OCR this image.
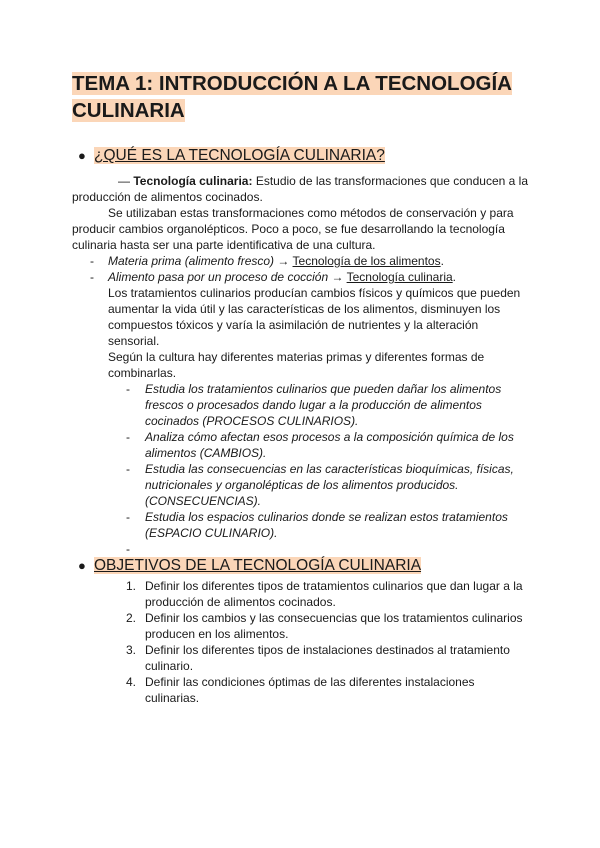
TEMA 1: INTRODUCCIÓN A LA TECNOLOGÍA
CULINARIA
● ¿QUÉ ES LA TECNOLOGÍA CULINARIA?
— Tecnología culinaria: Estudio de las transformaciones que conducen a la
producción de alimentos cocinados.
Se utilizaban estas transformaciones como métodos de conservación y para
producir cambios organolépticos. Poco a poco, se fue desarrollando la tecnología
culinaria hasta ser una parte identificativa de una cultura.
- Materia prima (alimento fresco) → Tecnología de los alimentos.
- Alimento pasa por un proceso de cocción → Tecnología culinaria.
Los tratamientos culinarios producían cambios físicos y químicos que pueden
aumentar la vida útil y las características de los alimentos, disminuyen los
compuestos tóxicos y varía la asimilación de nutrientes y la alteración
sensorial.
Según la cultura hay diferentes materias primas y diferentes formas de
combinarlas.
- Estudia los tratamientos culinarios que pueden dañar los alimentos
frescos o procesados dando lugar a la producción de alimentos
cocinados (PROCESOS CULINARIOS).
- Analiza cómo afectan esos procesos a la composición química de los
alimentos (CAMBIOS).
- Estudia las consecuencias en las características bioquímicas, físicas,
nutricionales y organolépticas de los alimentos producidos.
(CONSECUENCIAS).
- Estudia los espacios culinarios donde se realizan estos tratamientos
(ESPACIO CULINARIO).
-
● OBJETIVOS DE LA TECNOLOGÍA CULINARIA
1. Definir los diferentes tipos de tratamientos culinarios que dan lugar a la
producción de alimentos cocinados.
2. Definir los cambios y las consecuencias que los tratamientos culinarios
producen en los alimentos.
3. Definir los diferentes tipos de instalaciones destinados al tratamiento
culinario.
4. Definir las condiciones óptimas de las diferentes instalaciones
culinarias.
